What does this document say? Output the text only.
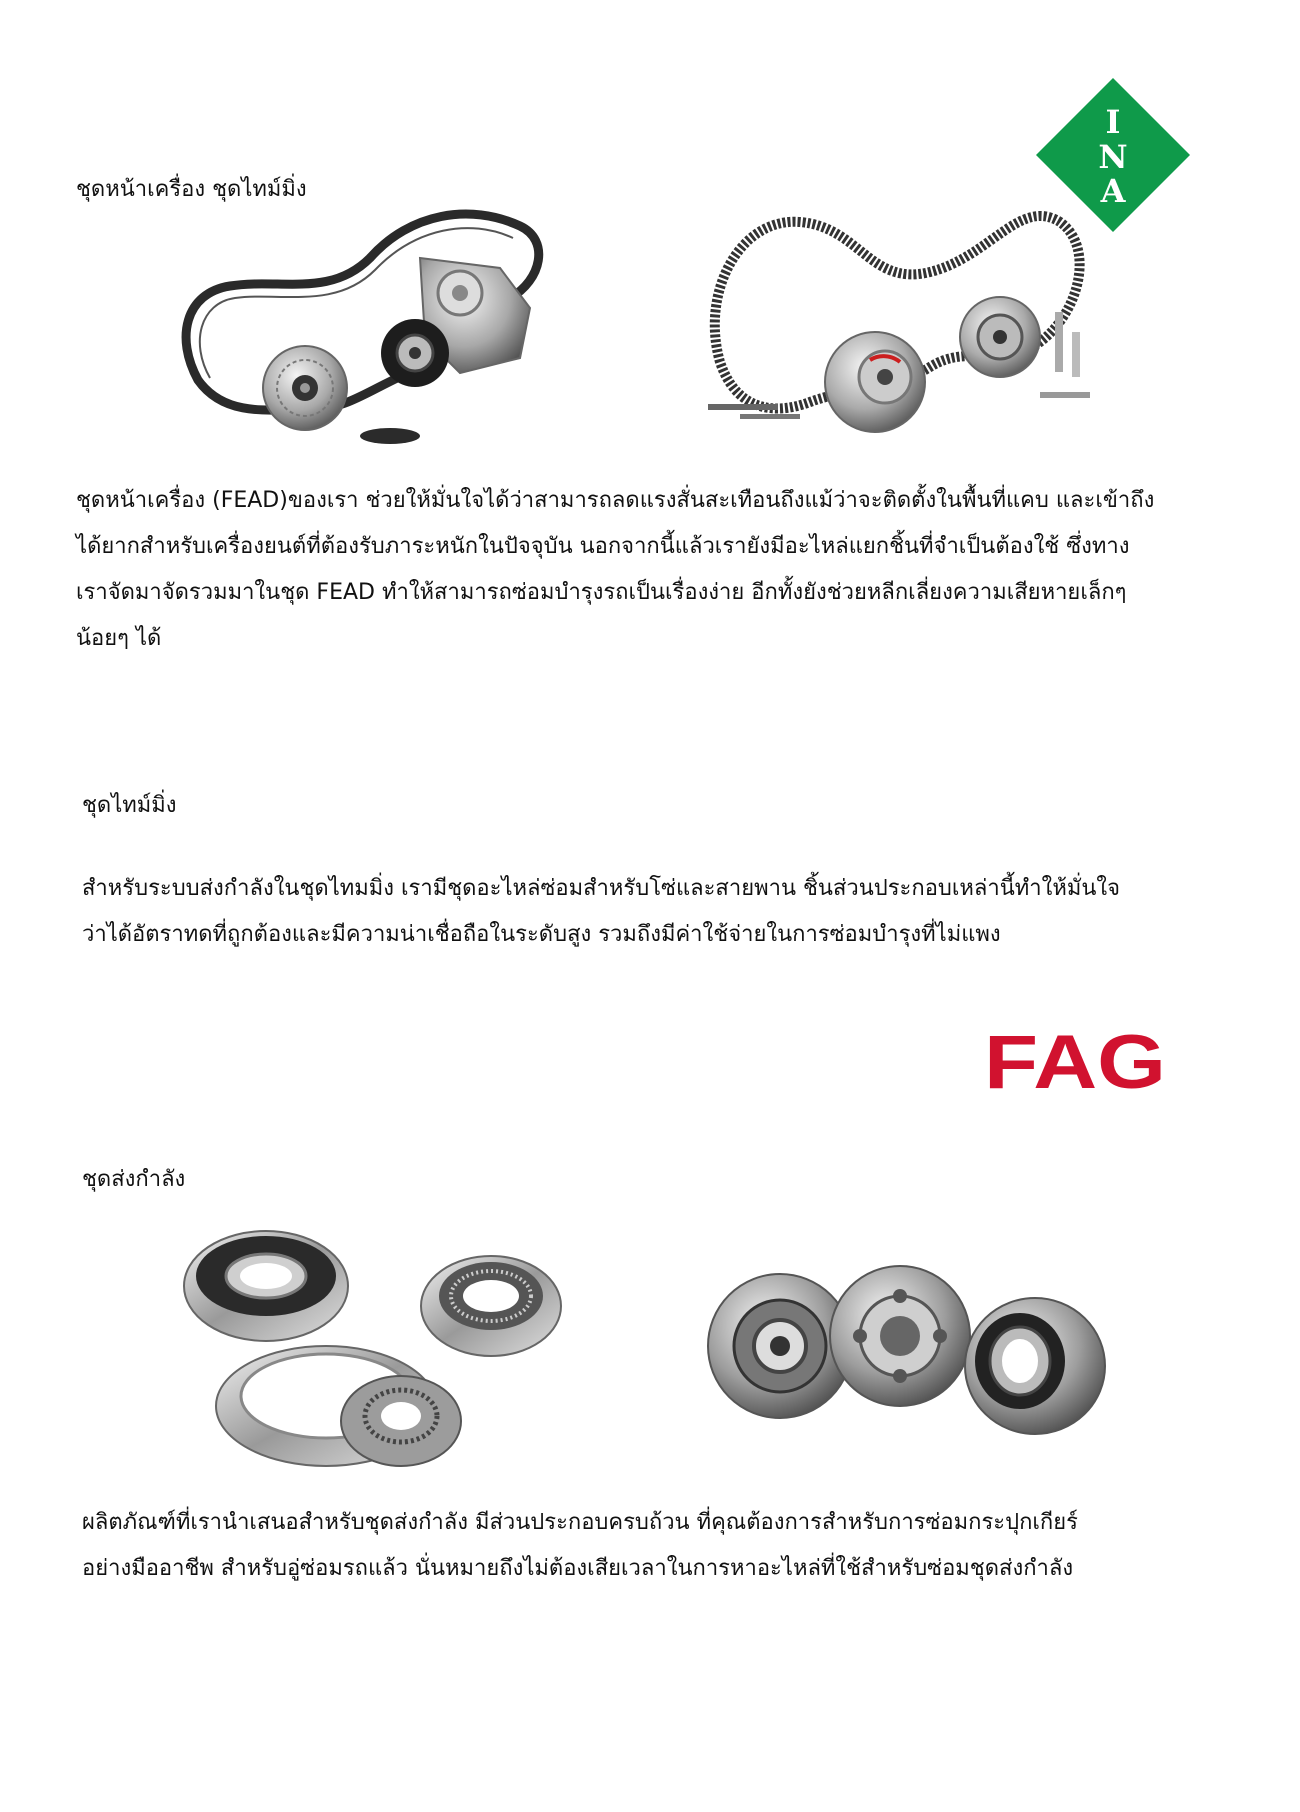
I
N
A
ชุดหน้าเครื่อง ชุดไทม์มิ่ง

ชุดหน้าเครื่อง (FEAD)ของเรา ช่วยให้มั่นใจได้ว่าสามารถลดแรงสั่นสะเทือนถึงแม้ว่าจะติดตั้งในพื้นที่แคบ และเข้าถึง

ได้ยากสำหรับเครื่องยนต์ที่ต้องรับภาระหนักในปัจจุบัน นอกจากนี้แล้วเรายังมีอะไหล่แยกชิ้นที่จำเป็นต้องใช้ ซึ่งทาง

เราจัดมาจัดรวมมาในชุด FEAD ทำให้สามารถซ่อมบำรุงรถเป็นเรื่องง่าย อีกทั้งยังช่วยหลีกเลี่ยงความเสียหายเล็กๆ

น้อยๆ ได้

ชุดไทม์มิ่ง

สำหรับระบบส่งกำลังในชุดไทมมิ่ง เรามีชุดอะไหล่ซ่อมสำหรับโซ่และสายพาน ชิ้นส่วนประกอบเหล่านี้ทำให้มั่นใจ

ว่าได้อัตราทดที่ถูกต้องและมีความน่าเชื่อถือในระดับสูง รวมถึงมีค่าใช้จ่ายในการซ่อมบำรุงที่ไม่แพง

FAG
ชุดส่งกำลัง

ผลิตภัณฑ์ที่เรานำเสนอสำหรับชุดส่งกำลัง มีส่วนประกอบครบถ้วน ที่คุณต้องการสำหรับการซ่อมกระปุกเกียร์

อย่างมืออาชีพ สำหรับอู่ซ่อมรถแล้ว นั่นหมายถึงไม่ต้องเสียเวลาในการหาอะไหล่ที่ใช้สำหรับซ่อมชุดส่งกำลัง
